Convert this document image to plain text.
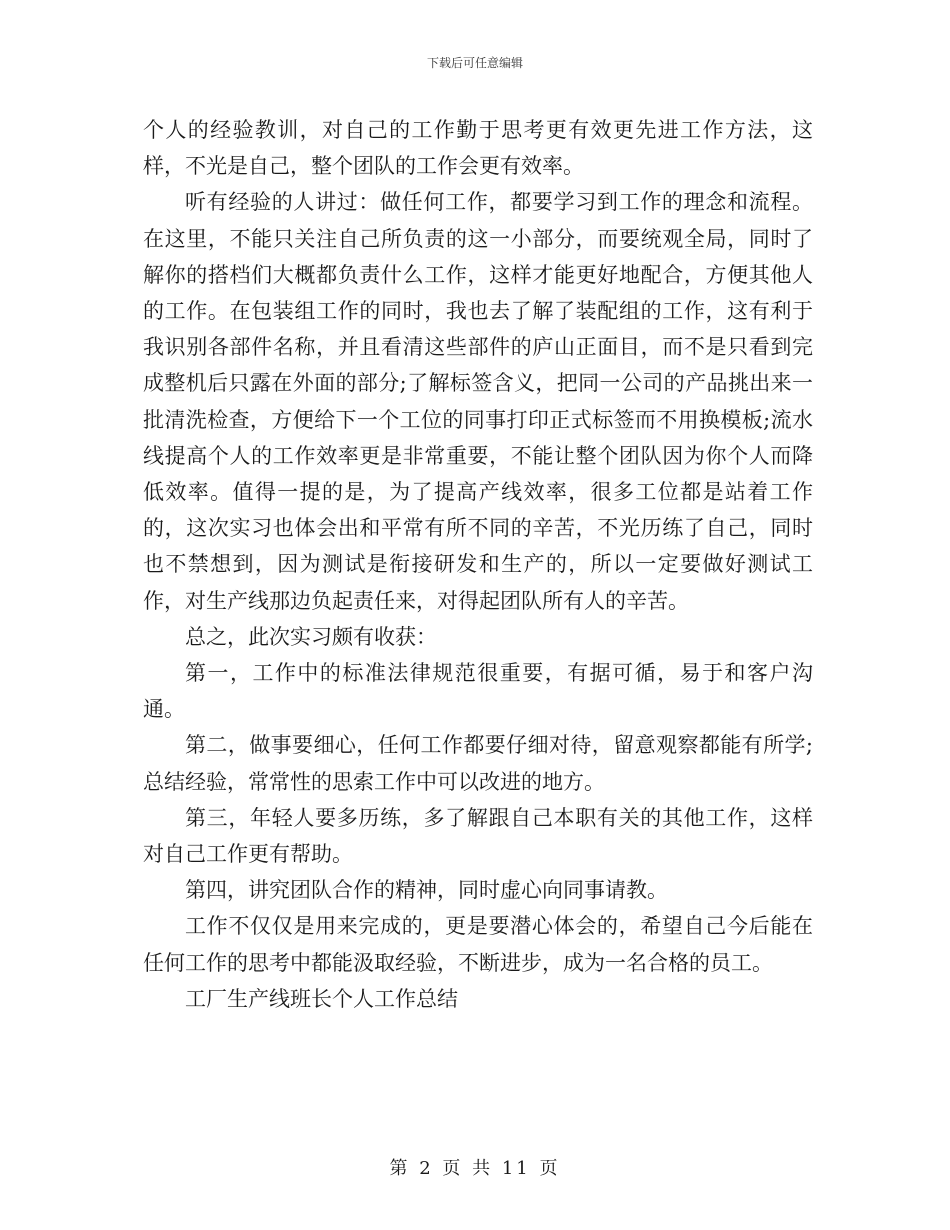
下载后可任意编辑

个人的经验教训，对自己的工作勤于思考更有效更先进工作方法，这样，不光是自己，整个团队的工作会更有效率。

听有经验的人讲过：做任何工作，都要学习到工作的理念和流程。在这里，不能只关注自己所负责的这一小部分，而要统观全局，同时了解你的搭档们大概都负责什么工作，这样才能更好地配合，方便其他人的工作。在包装组工作的同时，我也去了解了装配组的工作，这有利于我识别各部件名称，并且看清这些部件的庐山正面目，而不是只看到完成整机后只露在外面的部分;了解标签含义，把同一公司的产品挑出来一批清洗检查，方便给下一个工位的同事打印正式标签而不用换模板;流水线提高个人的工作效率更是非常重要，不能让整个团队因为你个人而降低效率。值得一提的是，为了提高产线效率，很多工位都是站着工作的，这次实习也体会出和平常有所不同的辛苦，不光历练了自己，同时也不禁想到，因为测试是衔接研发和生产的，所以一定要做好测试工作，对生产线那边负起责任来，对得起团队所有人的辛苦。

总之，此次实习颇有收获：

第一，工作中的标准法律规范很重要，有据可循，易于和客户沟通。

第二，做事要细心，任何工作都要仔细对待，留意观察都能有所学;总结经验，常常性的思索工作中可以改进的地方。

第三，年轻人要多历练，多了解跟自己本职有关的其他工作，这样对自己工作更有帮助。

第四，讲究团队合作的精神，同时虚心向同事请教。

工作不仅仅是用来完成的，更是要潜心体会的，希望自己今后能在任何工作的思考中都能汲取经验，不断进步，成为一名合格的员工。

工厂生产线班长个人工作总结

第 2 页 共 11 页
